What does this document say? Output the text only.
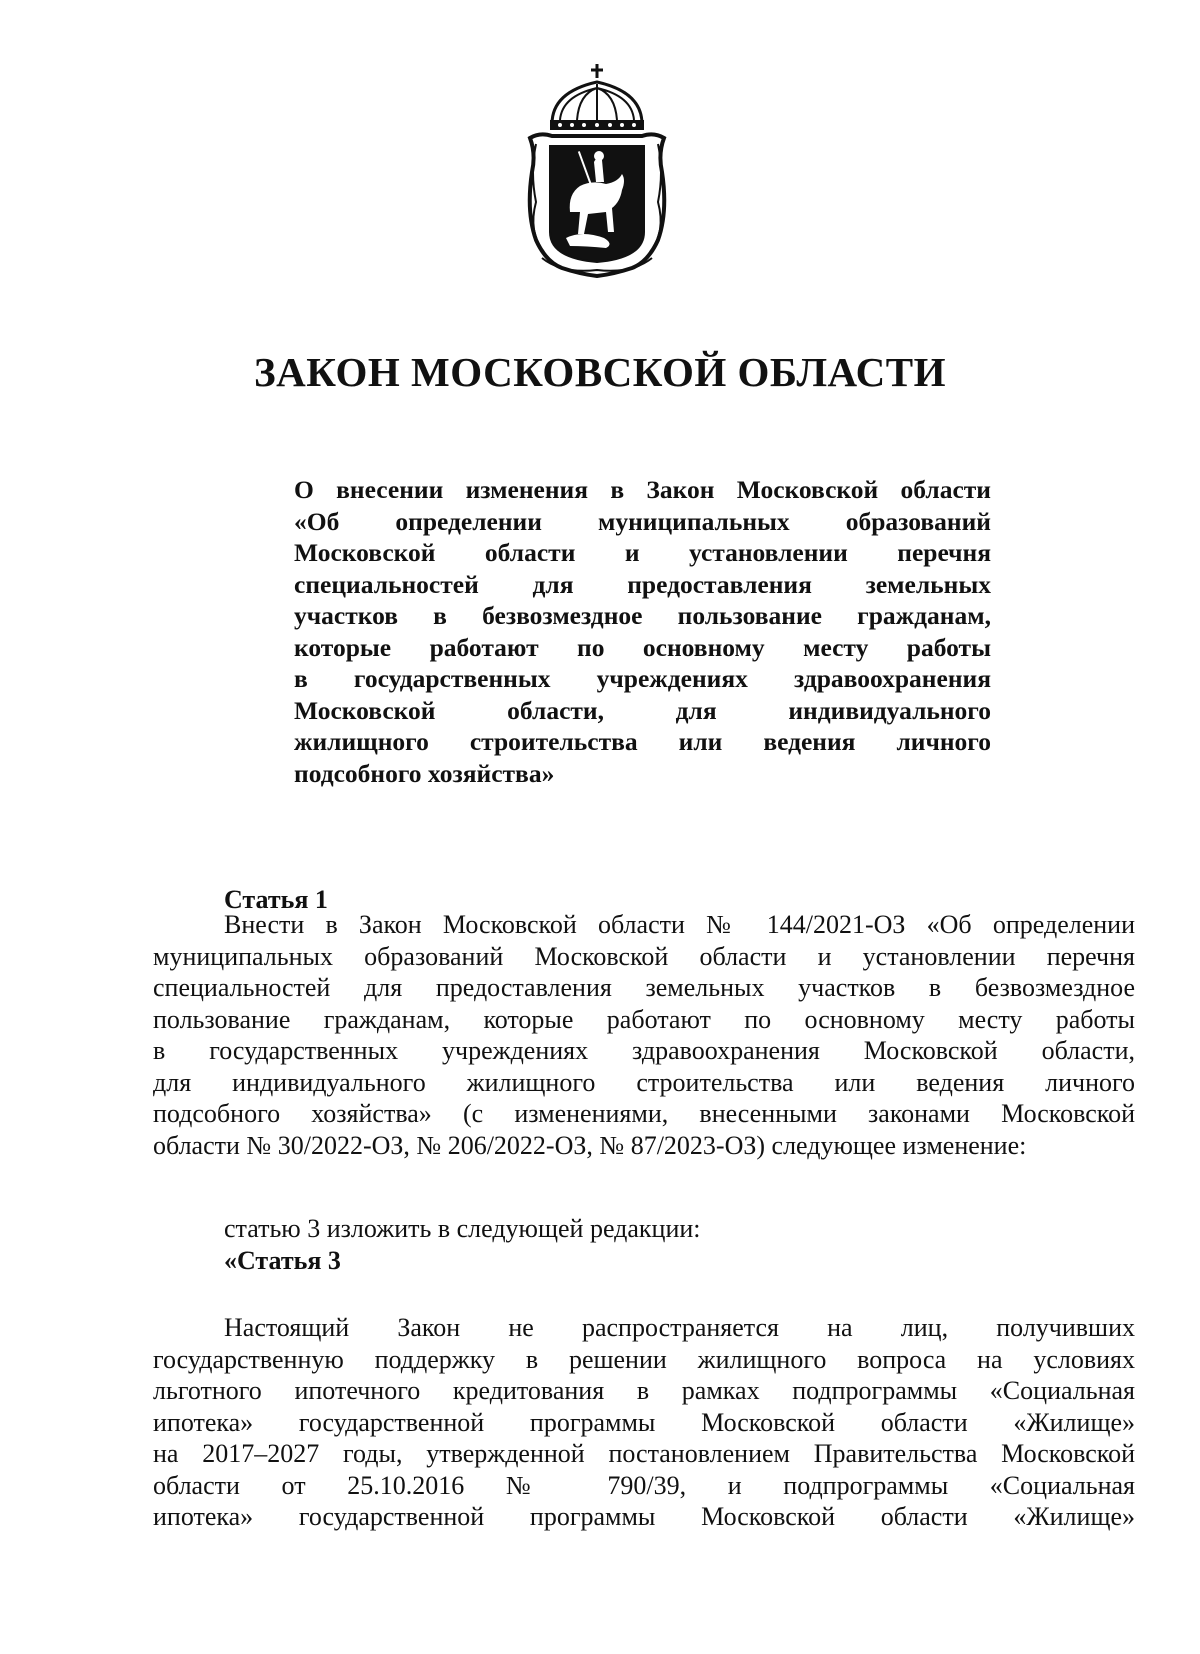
ЗАКОН МОСКОВСКОЙ ОБЛАСТИ
О внесении изменения в Закон Московской области
«Об определении муниципальных образований
Московской области и установлении перечня
специальностей для предоставления земельных
участков в безвозмездное пользование гражданам,
которые работают по основному месту работы
в государственных учреждениях здравоохранения
Московской области, для индивидуального
жилищного строительства или ведения личного
подсобного хозяйства»
Статья 1
Внести в Закон Московской области № 144/2021-ОЗ «Об определении
муниципальных образований Московской области и установлении перечня
специальностей для предоставления земельных участков в безвозмездное
пользование гражданам, которые работают по основному месту работы
в государственных учреждениях здравоохранения Московской области,
для индивидуального жилищного строительства или ведения личного
подсобного хозяйства» (с изменениями, внесенными законами Московской
области № 30/2022-ОЗ, № 206/2022-ОЗ, № 87/2023-ОЗ) следующее изменение:

статью 3 изложить в следующей редакции:

«Статья 3

Настоящий Закон не распространяется на лиц, получивших
государственную поддержку в решении жилищного вопроса на условиях
льготного ипотечного кредитования в рамках подпрограммы «Социальная
ипотека» государственной программы Московской области «Жилище»
на 2017–2027 годы, утвержденной постановлением Правительства Московской
области от 25.10.2016 № 790/39, и подпрограммы «Социальная
ипотека» государственной программы Московской области «Жилище»
